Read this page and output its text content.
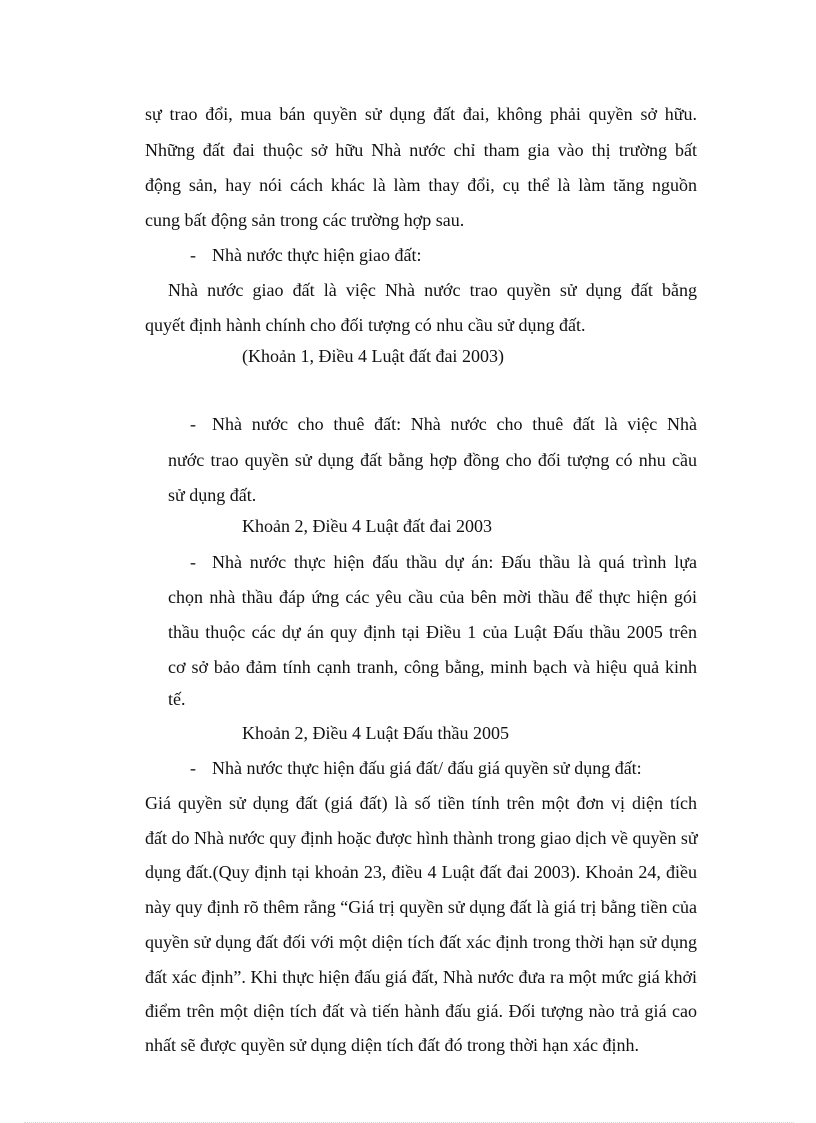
sự trao đổi, mua bán quyền sử dụng đất đai, không phải quyền sở hữu.
Những đất đai thuộc sở hữu Nhà nước chỉ tham gia vào thị trường bất
động sản, hay nói cách khác là làm thay đổi, cụ thể là làm tăng nguồn
cung bất động sản trong các trường hợp sau.
- Nhà nước thực hiện giao đất:
Nhà nước giao đất là việc Nhà nước trao quyền sử dụng đất bằng
quyết định hành chính cho đối tượng có nhu cầu sử dụng đất.
(Khoản 1, Điều 4 Luật đất đai 2003)
- Nhà nước cho thuê đất: Nhà nước cho thuê đất là việc Nhà
nước trao quyền sử dụng đất bằng hợp đồng cho đối tượng có nhu cầu
sử dụng đất.
Khoản 2, Điều 4 Luật đất đai 2003
- Nhà nước thực hiện đấu thầu dự án: Đấu thầu là quá trình lựa
chọn nhà thầu đáp ứng các yêu cầu của bên mời thầu để thực hiện gói
thầu thuộc các dự án quy định tại Điều 1 của Luật Đấu thầu 2005 trên
cơ sở bảo đảm tính cạnh tranh, công bằng, minh bạch và hiệu quả kinh
tế.
Khoản 2, Điều 4 Luật Đấu thầu 2005
- Nhà nước thực hiện đấu giá đất/ đấu giá quyền sử dụng đất:
Giá quyền sử dụng đất (giá đất) là số tiền tính trên một đơn vị diện tích
đất do Nhà nước quy định hoặc được hình thành trong giao dịch về quyền sử
dụng đất.(Quy định tại khoản 23, điều 4 Luật đất đai 2003). Khoản 24, điều
này quy định rõ thêm rằng “Giá trị quyền sử dụng đất là giá trị bằng tiền của
quyền sử dụng đất đối với một diện tích đất xác định trong thời hạn sử dụng
đất xác định”. Khi thực hiện đấu giá đất, Nhà nước đưa ra một mức giá khởi
điểm trên một diện tích đất và tiến hành đấu giá. Đối tượng nào trả giá cao
nhất sẽ được quyền sử dụng diện tích đất đó trong thời hạn xác định.
